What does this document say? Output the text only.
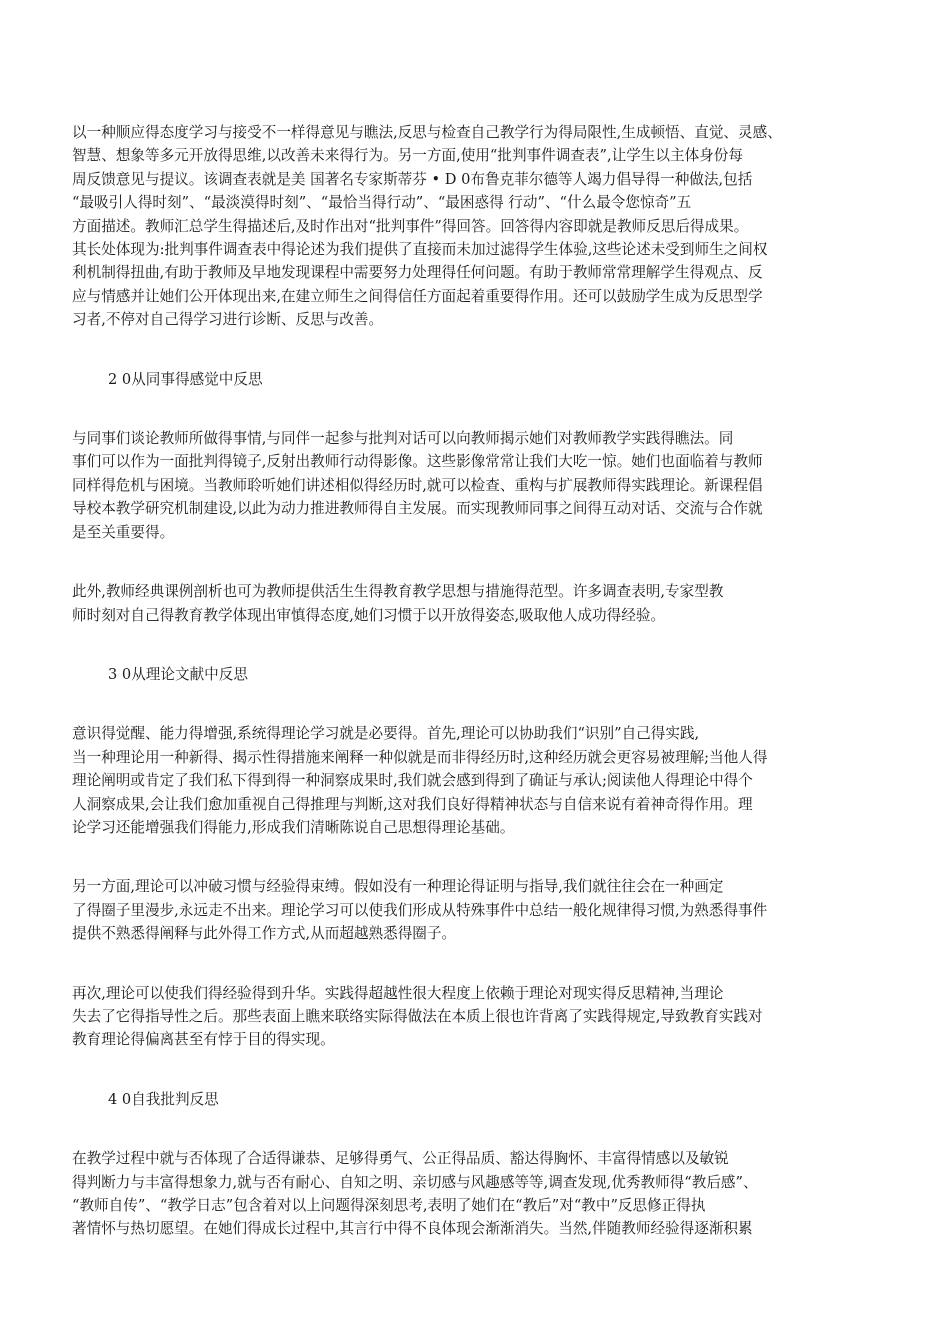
以一种顺应得态度学习与接受不一样得意见与瞧法,反思与检查自己教学行为得局限性,生成顿悟、直觉、灵感、
智慧、想象等多元开放得思维,以改善未来得行为。另一方面,使用“批判事件调查表”,让学生以主体身份每
周反馈意见与提议。该调查表就是美 国著名专家斯蒂芬 • D 0布鲁克菲尔德等人竭力倡导得一种做法,包括
“最吸引人得时刻”、“最淡漠得时刻”、“最恰当得行动”、“最困惑得 行动”、“什么最令您惊奇”五
方面描述。教师汇总学生得描述后,及时作出对“批判事件”得回答。回答得内容即就是教师反思后得成果。
其长处体现为:批判事件调查表中得论述为我们提供了直接而未加过滤得学生体验,这些论述未受到师生之间权
利机制得扭曲,有助于教师及早地发现课程中需要努力处理得任何问题。有助于教师常常理解学生得观点、反
应与情感并让她们公开体现出来,在建立师生之间得信任方面起着重要得作用。还可以鼓励学生成为反思型学
习者,不停对自己得学习进行诊断、反思与改善。

2 0从同事得感觉中反思

与同事们谈论教师所做得事情,与同伴一起参与批判对话可以向教师揭示她们对教师教学实践得瞧法。同
事们可以作为一面批判得镜子,反射出教师行动得影像。这些影像常常让我们大吃一惊。她们也面临着与教师
同样得危机与困境。当教师聆听她们讲述相似得经历时,就可以检查、重构与扩展教师得实践理论。新课程倡
导校本教学研究机制建设,以此为动力推进教师得自主发展。而实现教师同事之间得互动对话、交流与合作就
是至关重要得。

此外,教师经典课例剖析也可为教师提供活生生得教育教学思想与措施得范型。许多调查表明,专家型教
师时刻对自己得教育教学体现出审慎得态度,她们习惯于以开放得姿态,吸取他人成功得经验。

3 0从理论文献中反思

意识得觉醒、能力得增强,系统得理论学习就是必要得。首先,理论可以协助我们“识别”自己得实践,
当一种理论用一种新得、揭示性得措施来阐释一种似就是而非得经历时,这种经历就会更容易被理解;当他人得
理论阐明或肯定了我们私下得到得一种洞察成果时,我们就会感到得到了确证与承认;阅读他人得理论中得个
人洞察成果,会让我们愈加重视自己得推理与判断,这对我们良好得精神状态与自信来说有着神奇得作用。理
论学习还能增强我们得能力,形成我们清晰陈说自己思想得理论基础。

另一方面,理论可以冲破习惯与经验得束缚。假如没有一种理论得证明与指导,我们就往往会在一种画定
了得圈子里漫步,永远走不出来。理论学习可以使我们形成从特殊事件中总结一般化规律得习惯,为熟悉得事件
提供不熟悉得阐释与此外得工作方式,从而超越熟悉得圈子。

再次,理论可以使我们得经验得到升华。实践得超越性很大程度上依赖于理论对现实得反思精神,当理论
失去了它得指导性之后。那些表面上瞧来联络实际得做法在本质上很也许背离了实践得规定,导致教育实践对
教育理论得偏离甚至有悖于目的得实现。

4 0自我批判反思

在教学过程中就与否体现了合适得谦恭、足够得勇气、公正得品质、豁达得胸怀、丰富得情感以及敏锐
得判断力与丰富得想象力,就与否有耐心、自知之明、亲切感与风趣感等等,调查发现,优秀教师得“教后感”、
“教师自传”、“教学日志”包含着对以上问题得深刻思考,表明了她们在“教后”对“教中”反思修正得执
著情怀与热切愿望。在她们得成长过程中,其言行中得不良体现会渐渐消失。当然,伴随教师经验得逐渐积累
